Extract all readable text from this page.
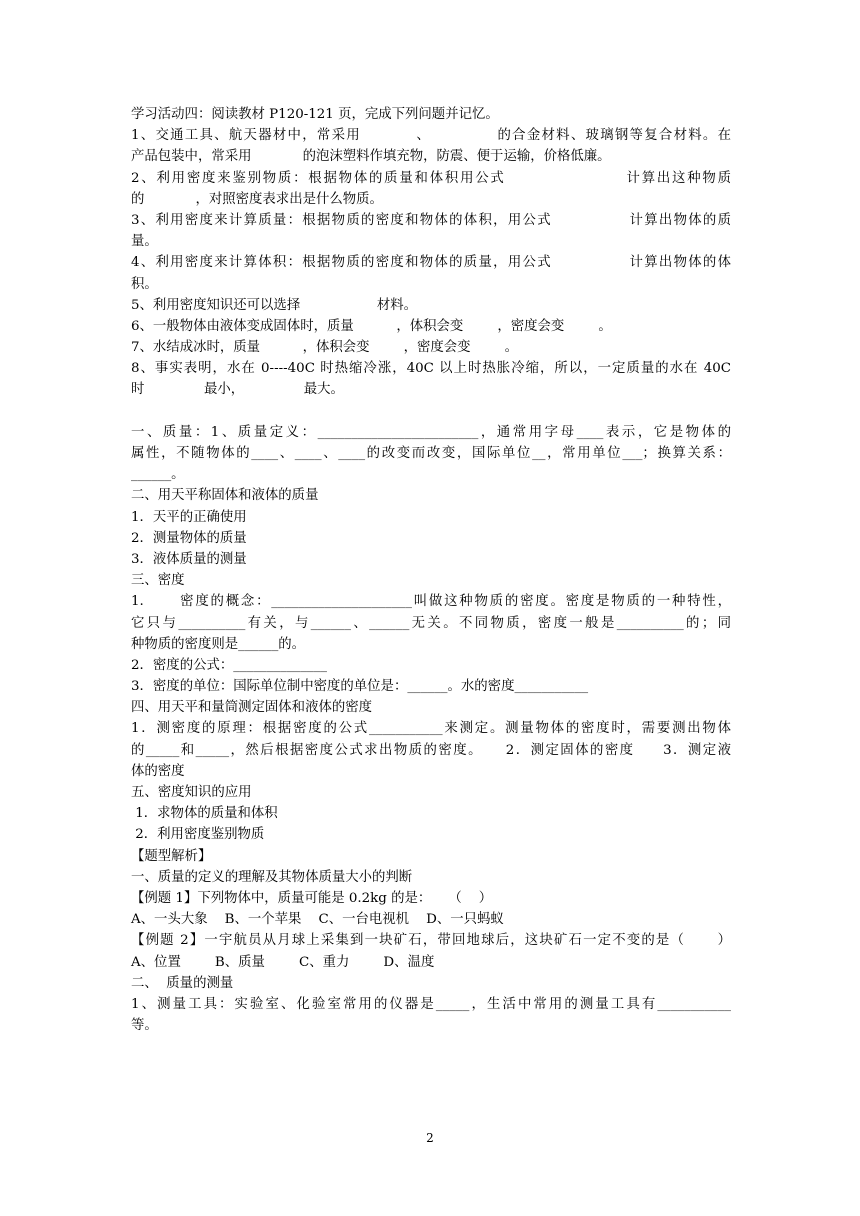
学习活动四：阅读教材 P120-121 页，完成下列问题并记忆。
1、交通工具、航天器材中，常采用          、            的合金材料、玻璃钢等复合材料。在
产品包装中，常采用            的泡沫塑料作填充物，防震、便于运输，价格低廉。
2、利用密度来鉴别物质：根据物体的质量和体积用公式                    计算出这种物质
的            ，对照密度表求出是什么物质。
3、利用密度来计算质量：根据物质的密度和物体的体积，用公式              计算出物体的质
量。
4、利用密度来计算体积：根据物质的密度和物体的质量，用公式              计算出物体的体
积。
5、利用密度知识还可以选择                  材料。
6、一般物体由液体变成固体时，质量          ，体积会变        ，密度会变        。
7、水结成冰时，质量          ，体积会变        ，密度会变        。
8、事实表明，水在 0----40C 时热缩冷涨，40C 以上时热胀冷缩，所以，一定质量的水在 40C
时              最小，              最大。
一、质量：1、质量定义：________________________，通常用字母____表示，它是物体的
属性，不随物体的____、____、____的改变而改变，国际单位__，常用单位___；换算关系：
______。
二、用天平称固体和液体的质量
1．天平的正确使用
2．测量物体的质量
3．液体质量的测量
三、密度
1.      密度的概念：_____________________叫做这种物质的密度。密度是物质的一种特性，
它只与__________有关，与______、______无关。不同物质，密度一般是__________的；同
种物质的密度则是______的。
2．密度的公式：______________
3．密度的单位：国际单位制中密度的单位是：______。水的密度___________
四、用天平和量筒测定固体和液体的密度
1．测密度的原理：根据密度的公式___________来测定。测量物体的密度时，需要测出物体
的_____和_____，然后根据密度公式求出物质的密度。    2．测定固体的密度     3．测定液
体的密度
五、密度知识的应用
1．求物体的质量和体积
2．利用密度鉴别物质
【题型解析】
一、质量的定义的理解及其物体质量大小的判断
【例题 1】下列物体中，质量可能是 0.2kg 的是：    （    ）
A、一头大象    B、一个苹果    C、一台电视机    D、一只蚂蚁
【例题 2】一宇航员从月球上采集到一块矿石，带回地球后，这块矿石一定不变的是（      ）
A、位置        B、质量        C、重力        D、温度
二、  质量的测量
1、测量工具：实验室、化验室常用的仪器是_____，生活中常用的测量工具有___________
等。
2
